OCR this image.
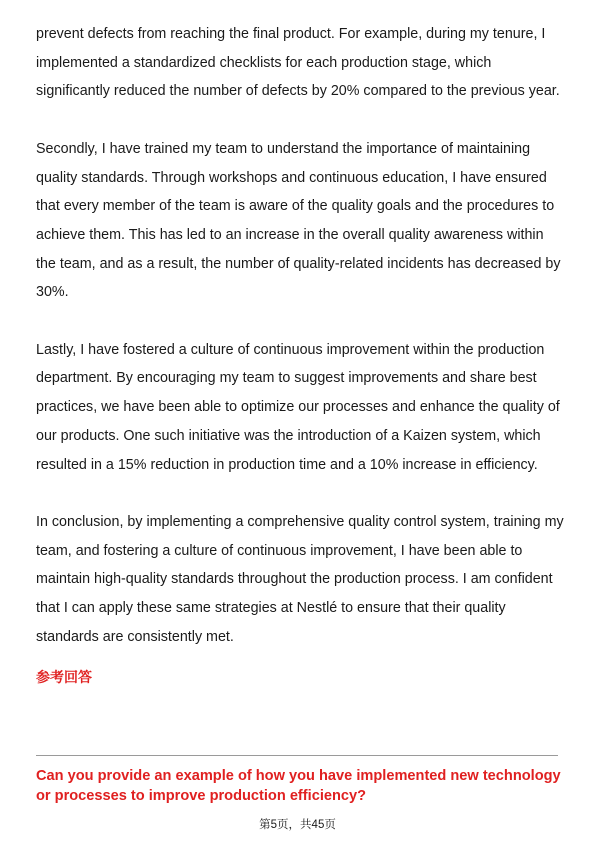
prevent defects from reaching the final product. For example, during my tenure, I implemented a standardized checklists for each production stage, which significantly reduced the number of defects by 20% compared to the previous year.

Secondly, I have trained my team to understand the importance of maintaining quality standards. Through workshops and continuous education, I have ensured that every member of the team is aware of the quality goals and the procedures to achieve them. This has led to an increase in the overall quality awareness within the team, and as a result, the number of quality-related incidents has decreased by 30%.

Lastly, I have fostered a culture of continuous improvement within the production department. By encouraging my team to suggest improvements and share best practices, we have been able to optimize our processes and enhance the quality of our products. One such initiative was the introduction of a Kaizen system, which resulted in a 15% reduction in production time and a 10% increase in efficiency.

In conclusion, by implementing a comprehensive quality control system, training my team, and fostering a culture of continuous improvement, I have been able to maintain high-quality standards throughout the production process. I am confident that I can apply these same strategies at Nestlé to ensure that their quality standards are consistently met.

参考回答

Can you provide an example of how you have implemented new technology or processes to improve production efficiency?

第5页，共45页
